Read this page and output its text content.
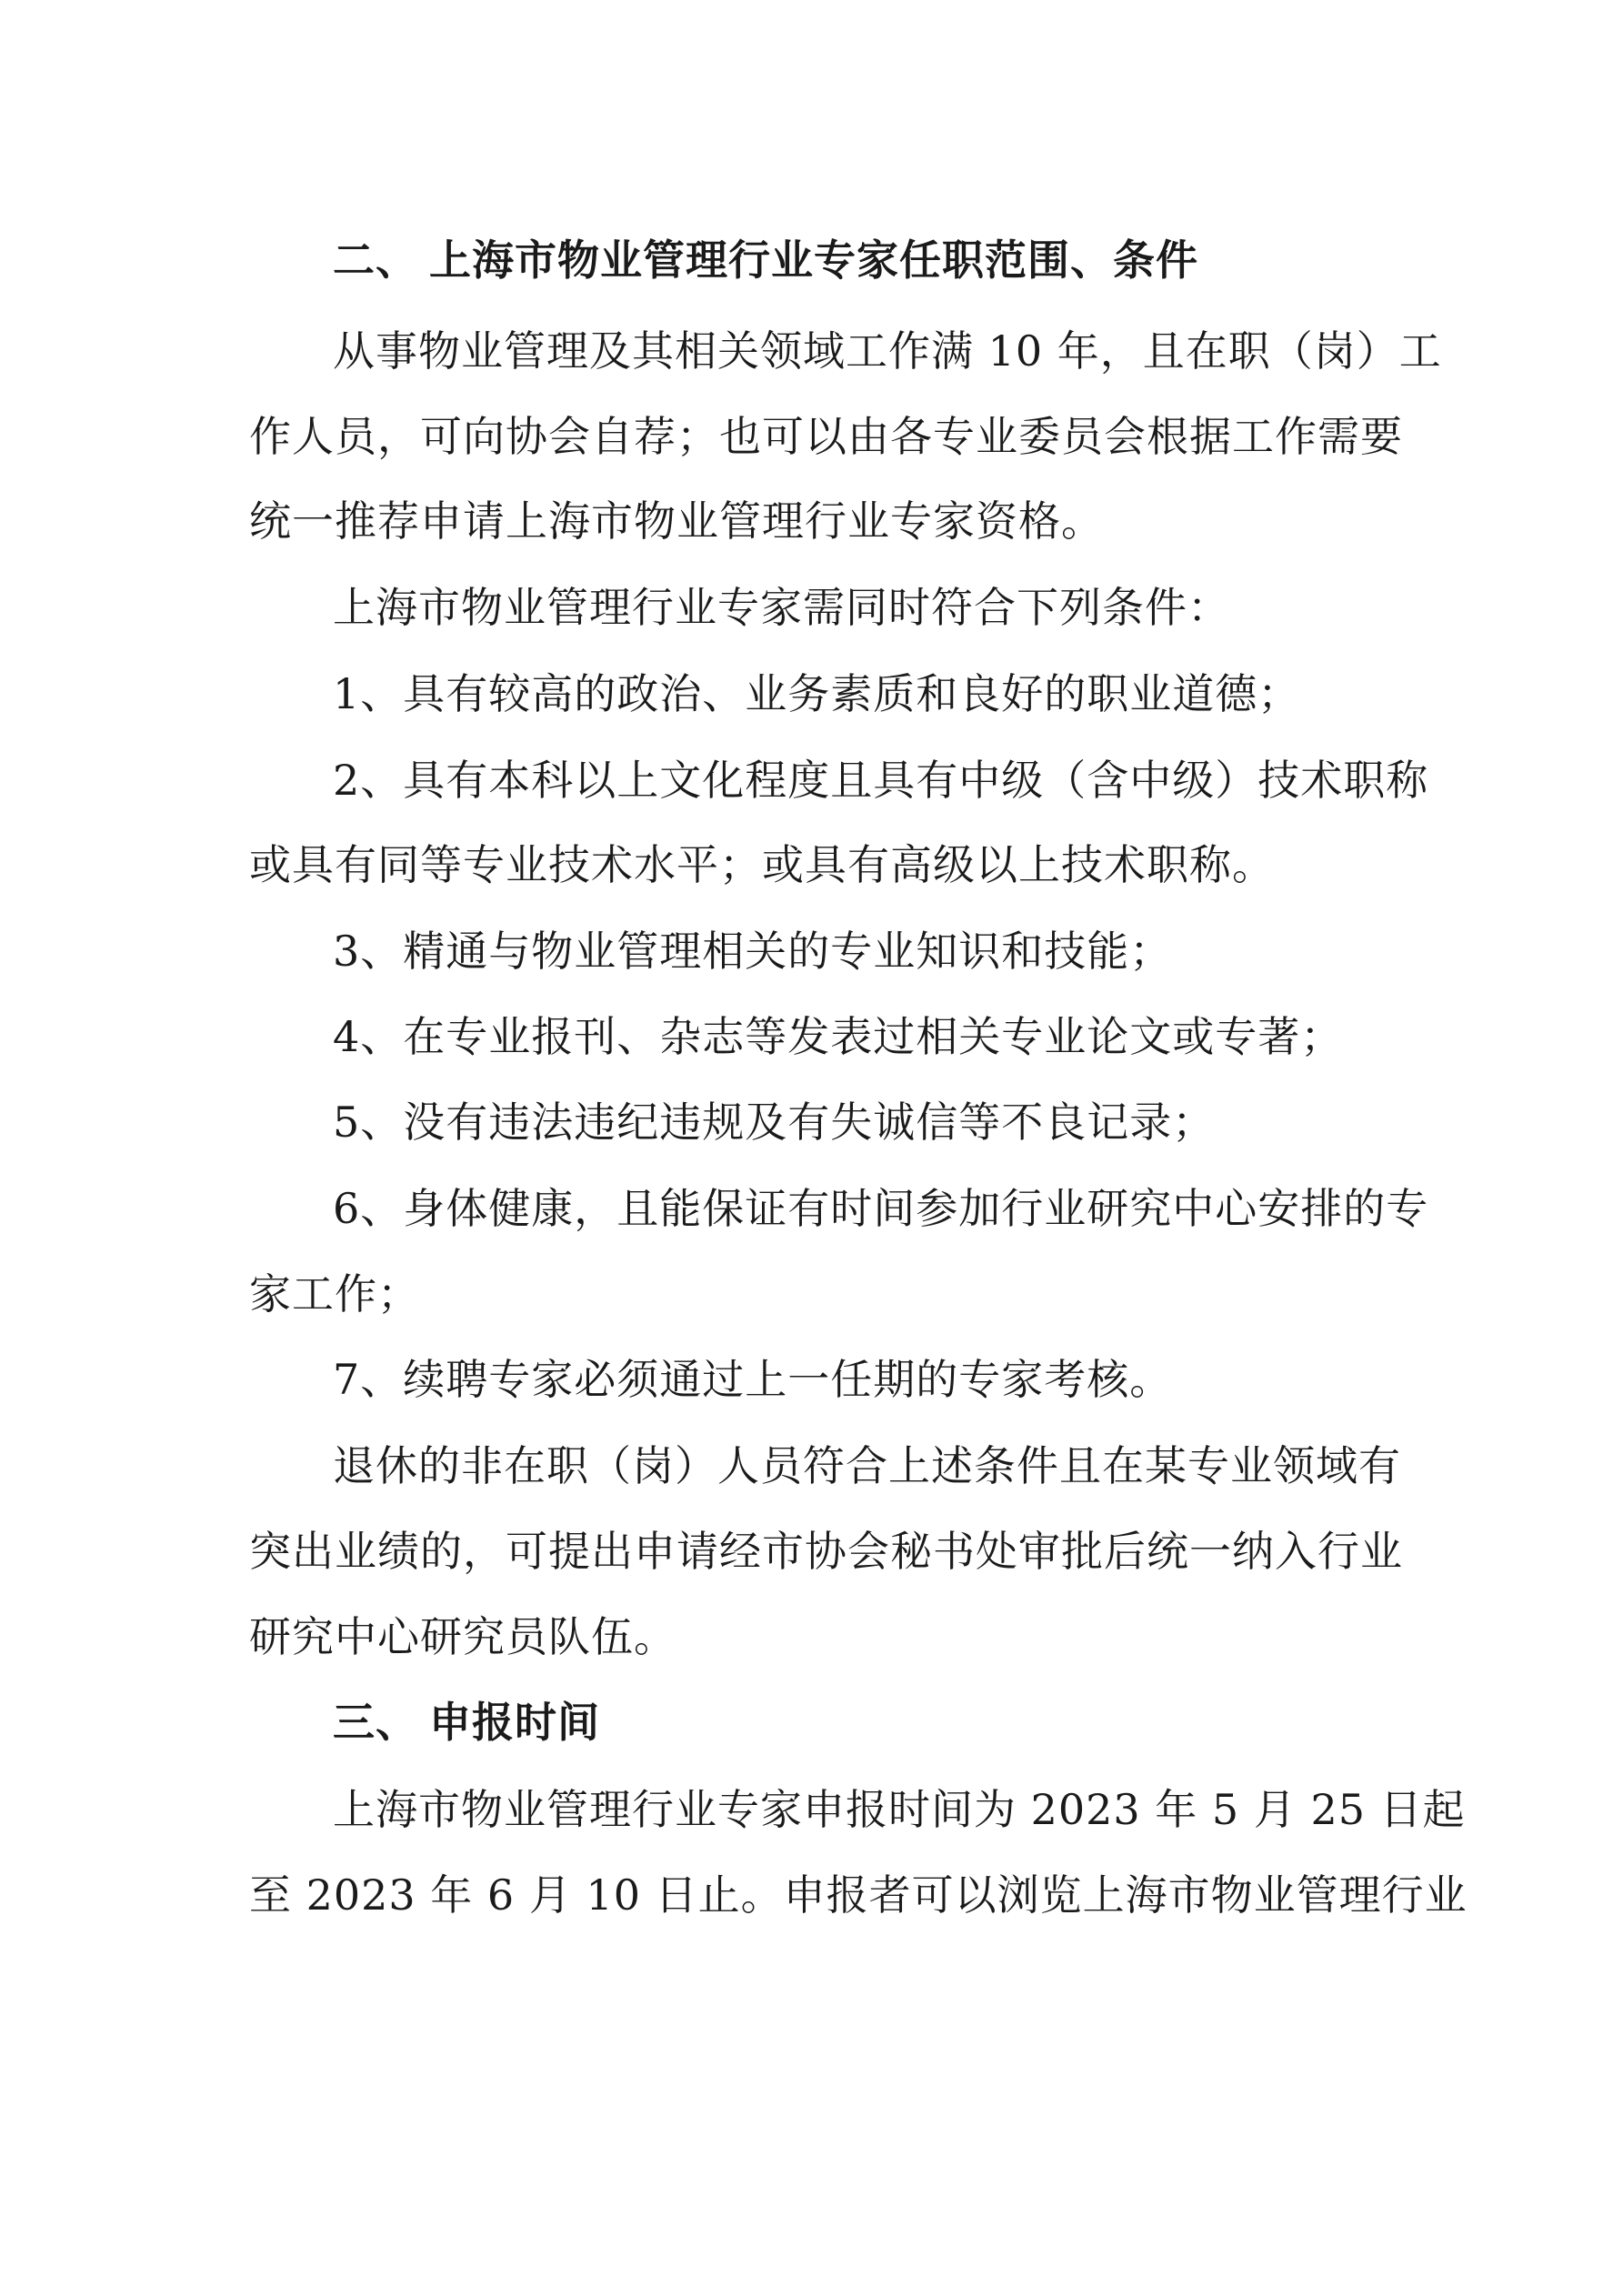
二、 上海市物业管理行业专家任职范围、条件
从事物业管理及其相关领域工作满 10 年，且在职（岗）工
作人员，可向协会自荐；也可以由各专业委员会根据工作需要
统一推荐申请上海市物业管理行业专家资格。
上海市物业管理行业专家需同时符合下列条件：
1、具有较高的政治、业务素质和良好的职业道德；
2、具有本科以上文化程度且具有中级（含中级）技术职称
或具有同等专业技术水平；或具有高级以上技术职称。
3、精通与物业管理相关的专业知识和技能；
4、在专业报刊、杂志等发表过相关专业论文或专著；
5、没有违法违纪违规及有失诚信等不良记录；
6、身体健康，且能保证有时间参加行业研究中心安排的专
家工作；
7、续聘专家必须通过上一任期的专家考核。
退休的非在职（岗）人员符合上述条件且在某专业领域有
突出业绩的，可提出申请经市协会秘书处审批后统一纳入行业
研究中心研究员队伍。
三、 申报时间
上海市物业管理行业专家申报时间为 2023 年 5 月 25 日起
至 2023 年 6 月 10 日止。申报者可以浏览上海市物业管理行业
